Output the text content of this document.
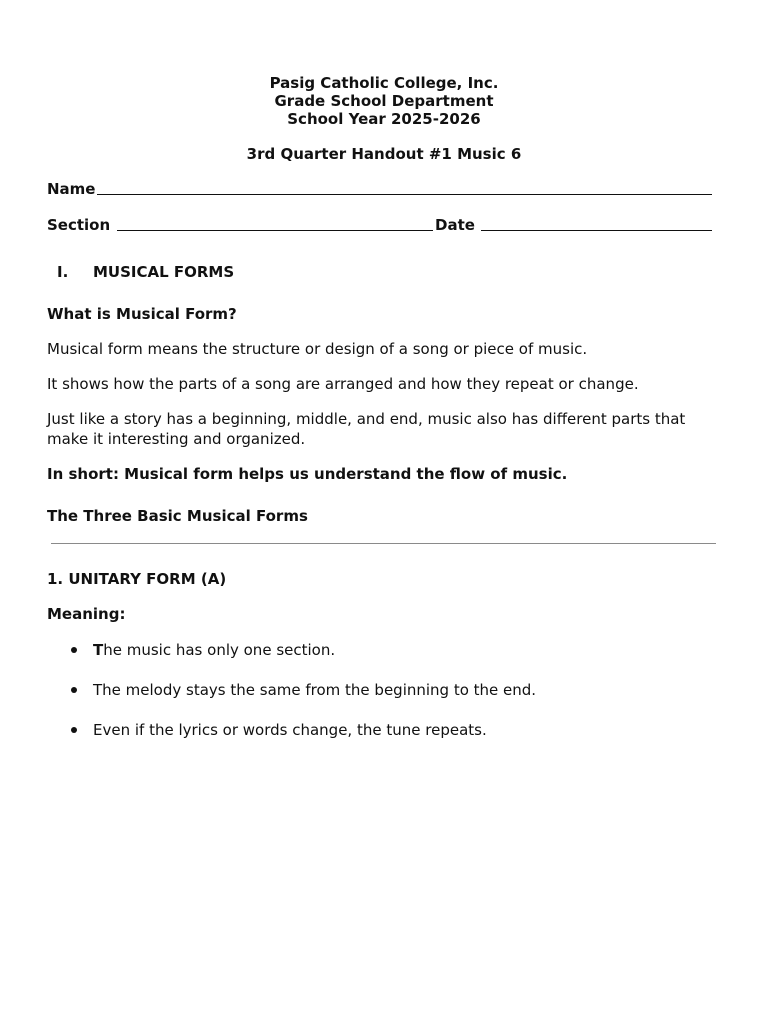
Pasig Catholic College, Inc.
Grade School Department
School Year 2025-2026
3rd Quarter Handout #1 Music 6
Name
Section	Date
I. MUSICAL FORMS
What is Musical Form?
Musical form means the structure or design of a song or piece of music.
It shows how the parts of a song are arranged and how they repeat or change.
Just like a story has a beginning, middle, and end, music also has different parts that
make it interesting and organized.
In short: Musical form helps us understand the flow of music.
The Three Basic Musical Forms
1. UNITARY FORM (A)
Meaning:
The music has only one section.
The melody stays the same from the beginning to the end.
Even if the lyrics or words change, the tune repeats.
